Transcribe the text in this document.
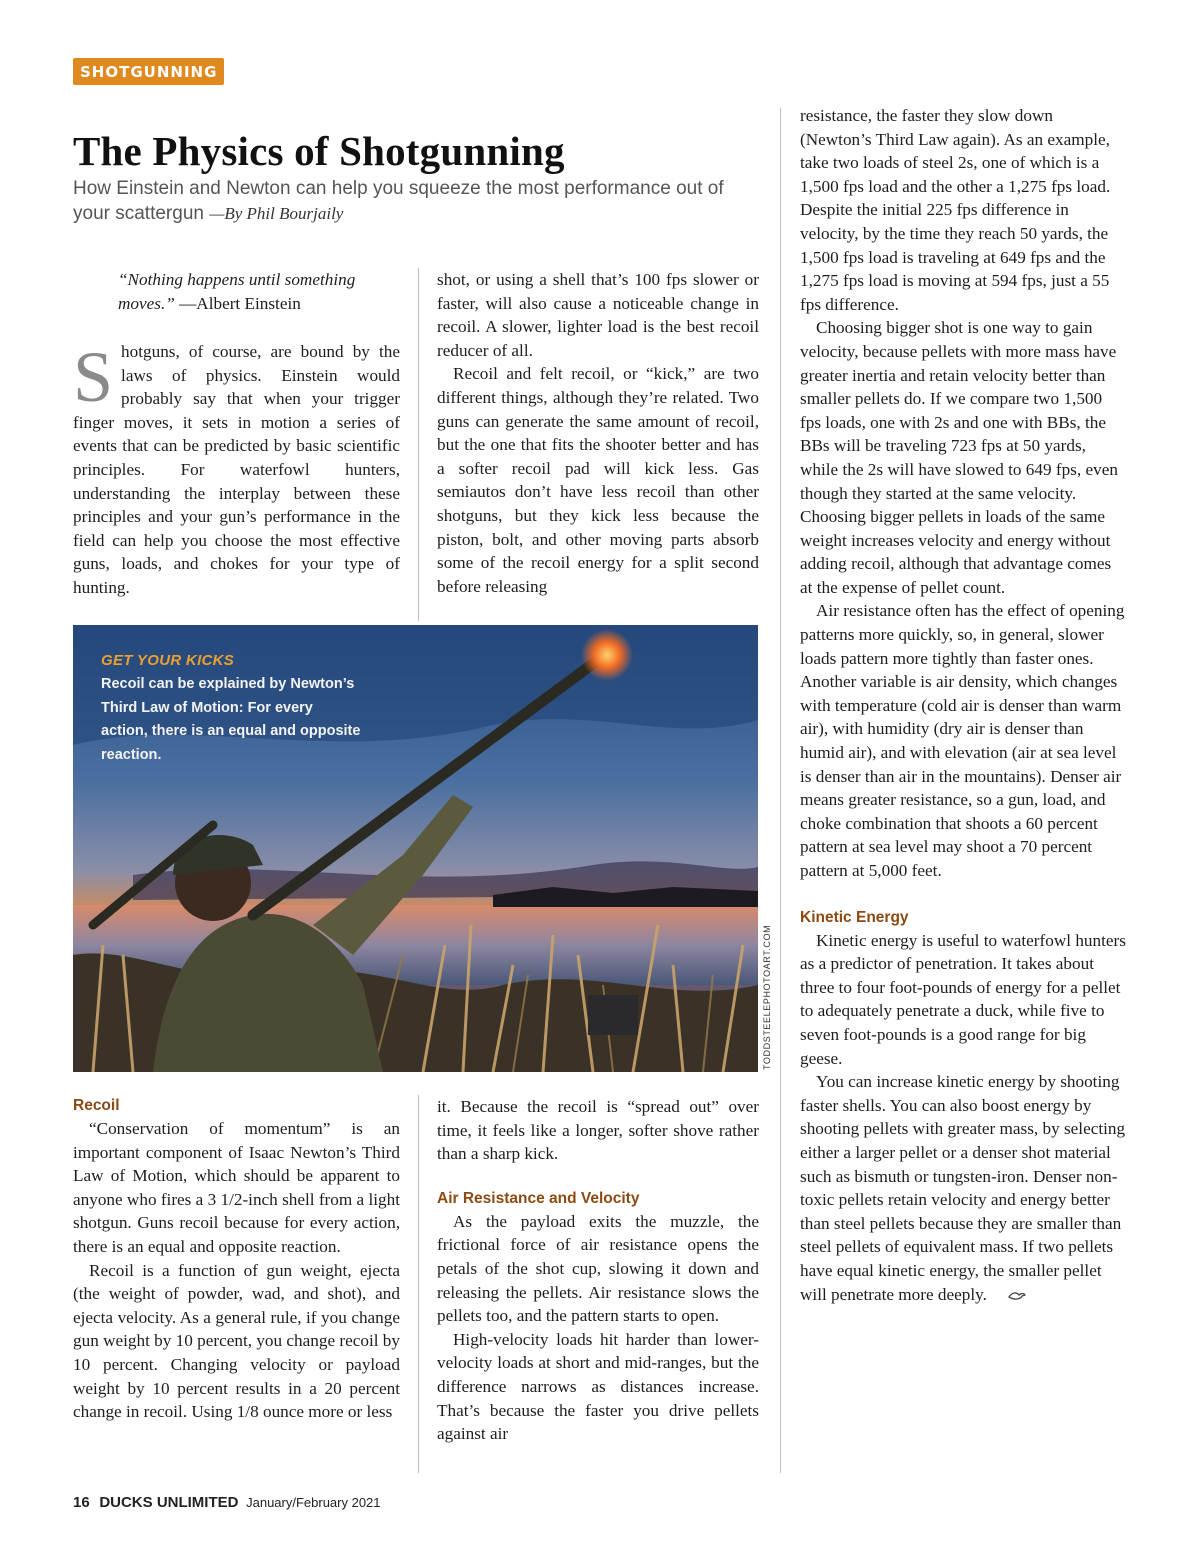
SHOTGUNNING
The Physics of Shotgunning
How Einstein and Newton can help you squeeze the most performance out of your scattergun —By Phil Bourjaily
“Nothing happens until something moves.” —Albert Einstein
Shotguns, of course, are bound by the laws of physics. Einstein would probably say that when your trigger finger moves, it sets in motion a series of events that can be predicted by basic scientific principles. For waterfowl hunters, understanding the interplay between these principles and your gun’s performance in the field can help you choose the most effective guns, loads, and chokes for your type of hunting.

shot, or using a shell that’s 100 fps slower or faster, will also cause a noticeable change in recoil. A slower, lighter load is the best recoil reducer of all.

Recoil and felt recoil, or “kick,” are two different things, although they’re related. Two guns can generate the same amount of recoil, but the one that fits the shooter better and has a softer recoil pad will kick less. Gas semiautos don’t have less recoil than other shotguns, but they kick less because the piston, bolt, and other moving parts absorb some of the recoil energy for a split second before releasing

GET YOUR KICKS
Recoil can be explained by Newton’s Third Law of Motion: For every action, there is an equal and opposite reaction.
TODDSTEELEPHOTOART.COM
Recoil

“Conservation of momentum” is an important component of Isaac Newton’s Third Law of Motion, which should be apparent to anyone who fires a 3 1/2-inch shell from a light shotgun. Guns recoil because for every action, there is an equal and opposite reaction.

Recoil is a function of gun weight, ejecta (the weight of powder, wad, and shot), and ejecta velocity. As a general rule, if you change gun weight by 10 percent, you change recoil by 10 percent. Changing velocity or payload weight by 10 percent results in a 20 percent change in recoil. Using 1/8 ounce more or less

it. Because the recoil is “spread out” over time, it feels like a longer, softer shove rather than a sharp kick.

Air Resistance and Velocity

As the payload exits the muzzle, the frictional force of air resistance opens the petals of the shot cup, slowing it down and releasing the pellets. Air resistance slows the pellets too, and the pattern starts to open.

High-velocity loads hit harder than lower-velocity loads at short and mid-ranges, but the difference narrows as distances increase. That’s because the faster you drive pellets against air

resistance, the faster they slow down (Newton’s Third Law again). As an example, take two loads of steel 2s, one of which is a 1,500 fps load and the other a 1,275 fps load. Despite the initial 225 fps difference in velocity, by the time they reach 50 yards, the 1,500 fps load is traveling at 649 fps and the 1,275 fps load is moving at 594 fps, just a 55 fps difference.

Choosing bigger shot is one way to gain velocity, because pellets with more mass have greater inertia and retain velocity better than smaller pellets do. If we compare two 1,500 fps loads, one with 2s and one with BBs, the BBs will be traveling 723 fps at 50 yards, while the 2s will have slowed to 649 fps, even though they started at the same velocity. Choosing bigger pellets in loads of the same weight increases velocity and energy without adding recoil, although that advantage comes at the expense of pellet count.

Air resistance often has the effect of opening patterns more quickly, so, in general, slower loads pattern more tightly than faster ones. Another variable is air density, which changes with temperature (cold air is denser than warm air), with humidity (dry air is denser than humid air), and with elevation (air at sea level is denser than air in the mountains). Denser air means greater resistance, so a gun, load, and choke combination that shoots a 60 percent pattern at sea level may shoot a 70 percent pattern at 5,000 feet.

Kinetic Energy

Kinetic energy is useful to waterfowl hunters as a predictor of penetration. It takes about three to four foot-pounds of energy for a pellet to adequately penetrate a duck, while five to seven foot-pounds is a good range for big geese.

You can increase kinetic energy by shooting faster shells. You can also boost energy by shooting pellets with greater mass, by selecting either a larger pellet or a denser shot material such as bismuth or tungsten-iron. Denser non-toxic pellets retain velocity and energy better than steel pellets because they are smaller than steel pellets of equivalent mass. If two pellets have equal kinetic energy, the smaller pellet will penetrate more deeply.

16 DUCKS UNLIMITED January/February 2021
